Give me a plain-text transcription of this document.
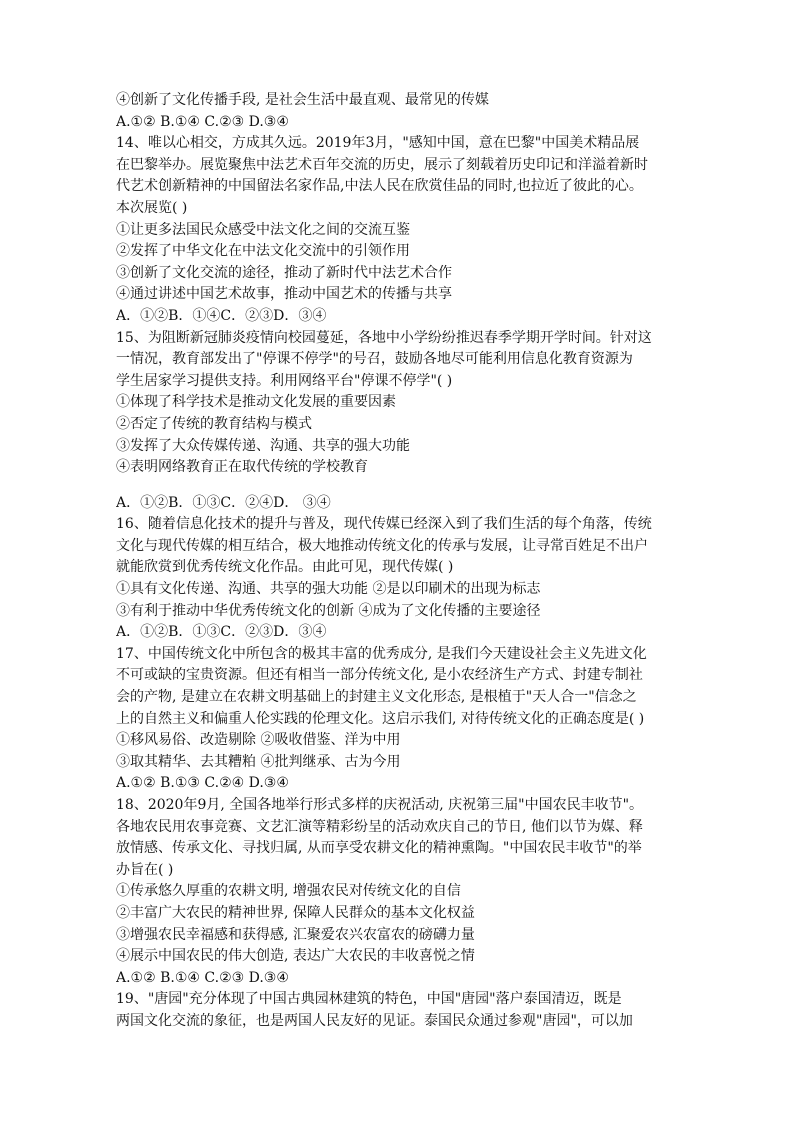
④创新了文化传播手段, 是社会生活中最直观、最常见的传媒
A.①② B.①④ C.②③ D.③④
14、唯以心相交，方成其久远。2019年3月，"感知中国，意在巴黎"中国美术精品展
在巴黎举办。展览聚焦中法艺术百年交流的历史，展示了刻载着历史印记和洋溢着新时
代艺术创新精神的中国留法名家作品,中法人民在欣赏佳品的同时,也拉近了彼此的心。
本次展览( )
①让更多法国民众感受中法文化之间的交流互鉴
②发挥了中华文化在中法文化交流中的引领作用
③创新了文化交流的途径，推动了新时代中法艺术合作
④通过讲述中国艺术故事，推动中国艺术的传播与共享
A．①②B．①④C．②③D．③④
15、为阻断新冠肺炎疫情向校园蔓延，各地中小学纷纷推迟春季学期开学时间。针对这
一情况，教育部发出了"停课不停学"的号召，鼓励各地尽可能利用信息化教育资源为
学生居家学习提供支持。利用网络平台"停课不停学"( )
①体现了科学技术是推动文化发展的重要因素
②否定了传统的教育结构与模式
③发挥了大众传媒传递、沟通、共享的强大功能
④表明网络教育正在取代传统的学校教育
A．①②B．①③C．②④D． ③④
16、随着信息化技术的提升与普及，现代传媒已经深入到了我们生活的每个角落，传统
文化与现代传媒的相互结合，极大地推动传统文化的传承与发展，让寻常百姓足不出户
就能欣赏到优秀传统文化作品。由此可见，现代传媒( )
①具有文化传递、沟通、共享的强大功能 ②是以印刷术的出现为标志
③有利于推动中华优秀传统文化的创新 ④成为了文化传播的主要途径
A．①②B．①③C．②③D．③④
17、中国传统文化中所包含的极其丰富的优秀成分, 是我们今天建设社会主义先进文化
不可或缺的宝贵资源。但还有相当一部分传统文化, 是小农经济生产方式、封建专制社
会的产物, 是建立在农耕文明基础上的封建主义文化形态, 是根植于"天人合一"信念之
上的自然主义和偏重人伦实践的伦理文化。这启示我们, 对待传统文化的正确态度是( )
①移风易俗、改造剔除 ②吸收借鉴、洋为中用
③取其精华、去其糟粕 ④批判继承、古为今用
A.①② B.①③ C.②④ D.③④
18、2020年9月, 全国各地举行形式多样的庆祝活动, 庆祝第三届"中国农民丰收节"。
各地农民用农事竞赛、文艺汇演等精彩纷呈的活动欢庆自己的节日, 他们以节为媒、释
放情感、传承文化、寻找归属, 从而享受农耕文化的精神熏陶。"中国农民丰收节"的举
办旨在( )
①传承悠久厚重的农耕文明, 增强农民对传统文化的自信
②丰富广大农民的精神世界, 保障人民群众的基本文化权益
③增强农民幸福感和获得感, 汇聚爱农兴农富农的磅礴力量
④展示中国农民的伟大创造, 表达广大农民的丰收喜悦之情
A.①② B.①④ C.②③ D.③④
19、"唐园"充分体现了中国古典园林建筑的特色，中国"唐园"落户泰国清迈，既是
两国文化交流的象征，也是两国人民友好的见证。泰国民众通过参观"唐园"，可以加
